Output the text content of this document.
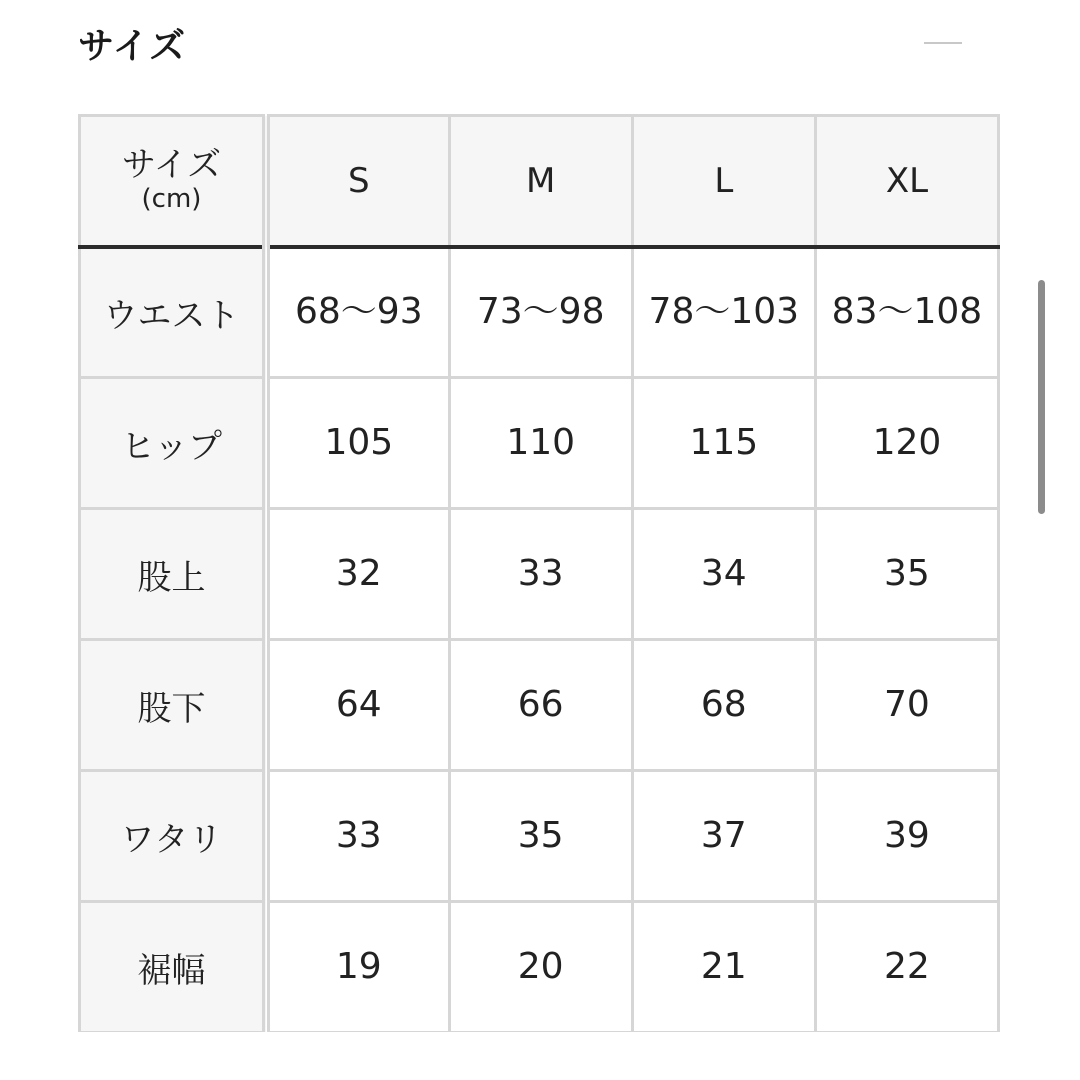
サイズ
サイズ
(cm)	S	M	L	XL
ウエスト	68〜93	73〜98	78〜103	83〜108
ヒップ	105	110	115	120
股上	32	33	34	35
股下	64	66	68	70
ワタリ	33	35	37	39
裾幅	19	20	21	22
